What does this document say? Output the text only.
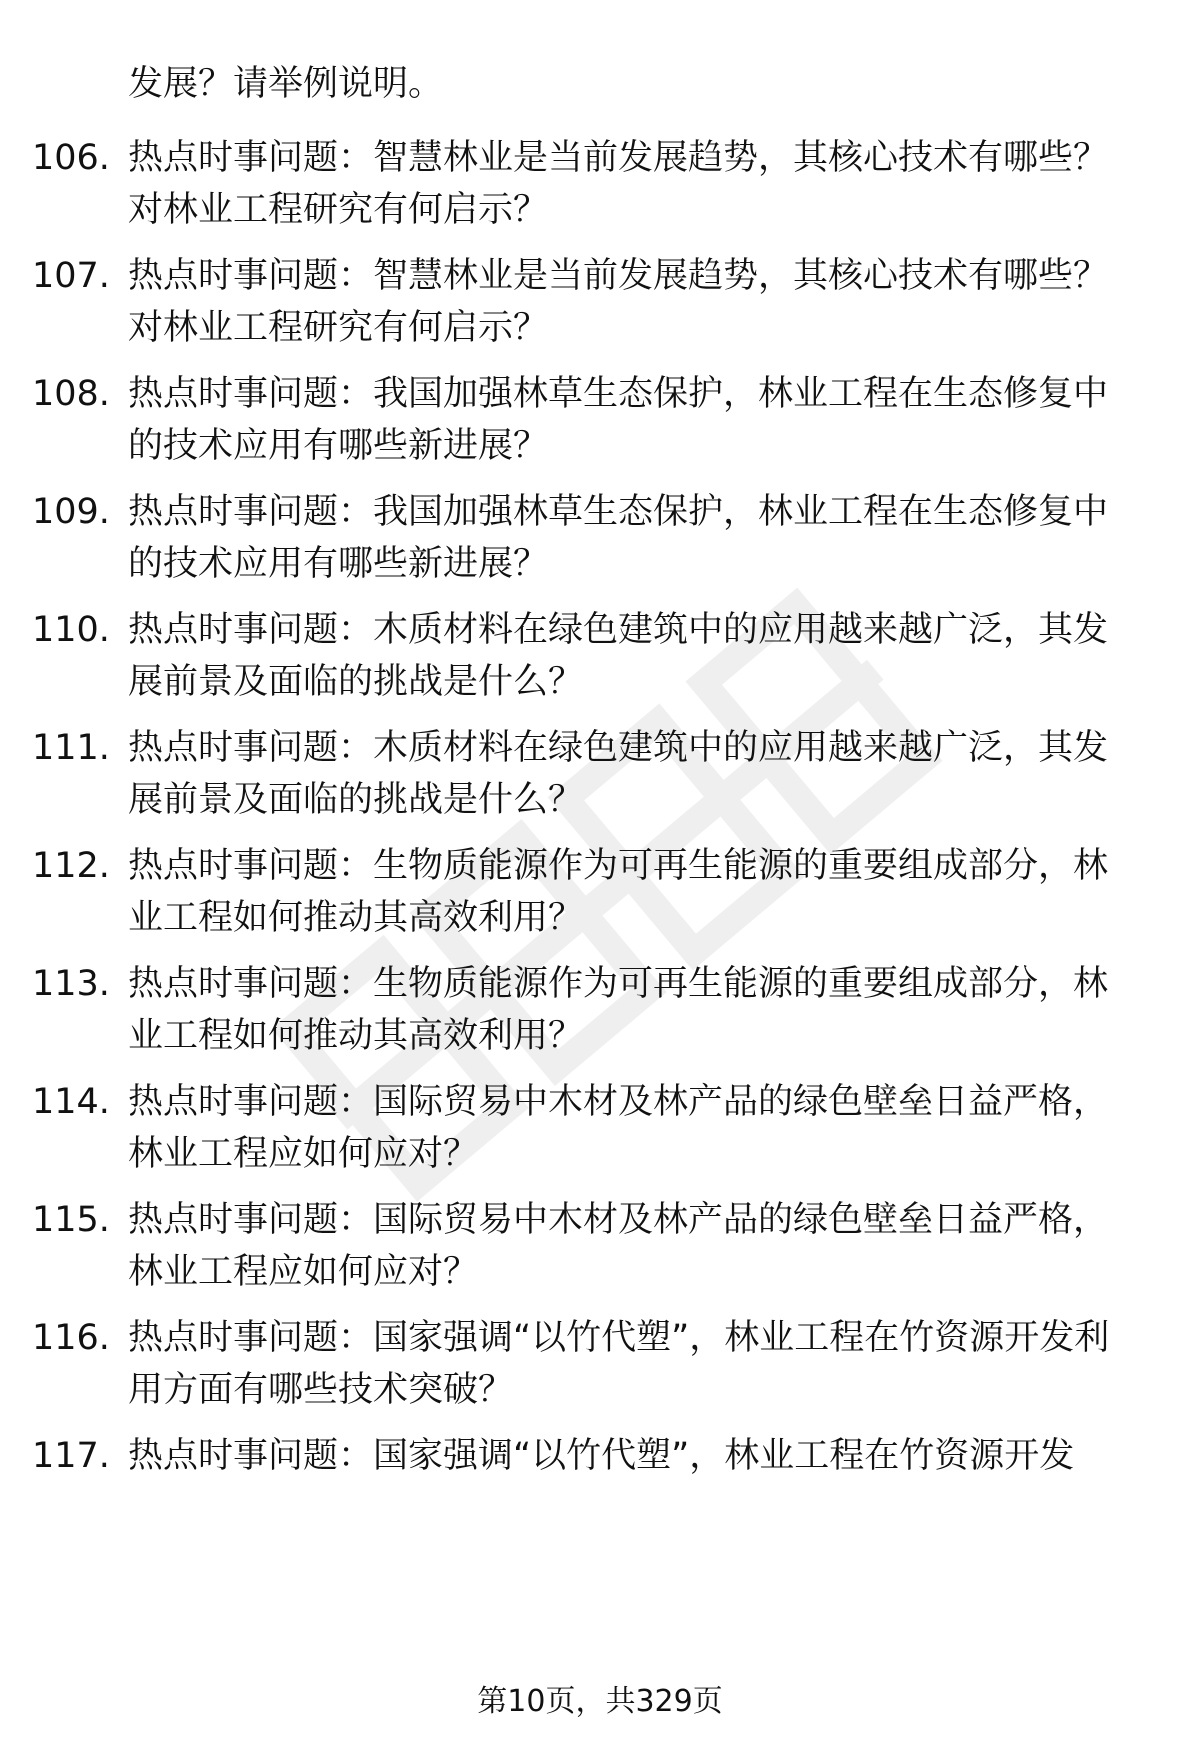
发展？请举例说明。
106. 热点时事问题：智慧林业是当前发展趋势，其核心技术有哪些？对林业工程研究有何启示？
107. 热点时事问题：智慧林业是当前发展趋势，其核心技术有哪些？对林业工程研究有何启示？
108. 热点时事问题：我国加强林草生态保护，林业工程在生态修复中的技术应用有哪些新进展？
109. 热点时事问题：我国加强林草生态保护，林业工程在生态修复中的技术应用有哪些新进展？
110. 热点时事问题：木质材料在绿色建筑中的应用越来越广泛，其发展前景及面临的挑战是什么？
111. 热点时事问题：木质材料在绿色建筑中的应用越来越广泛，其发展前景及面临的挑战是什么？
112. 热点时事问题：生物质能源作为可再生能源的重要组成部分，林业工程如何推动其高效利用？
113. 热点时事问题：生物质能源作为可再生能源的重要组成部分，林业工程如何推动其高效利用？
114. 热点时事问题：国际贸易中木材及林产品的绿色壁垒日益严格，林业工程应如何应对？
115. 热点时事问题：国际贸易中木材及林产品的绿色壁垒日益严格，林业工程应如何应对？
116. 热点时事问题：国家强调“以竹代塑”，林业工程在竹资源开发利用方面有哪些技术突破？
117. 热点时事问题：国家强调“以竹代塑”，林业工程在竹资源开发
第10页，共329页
